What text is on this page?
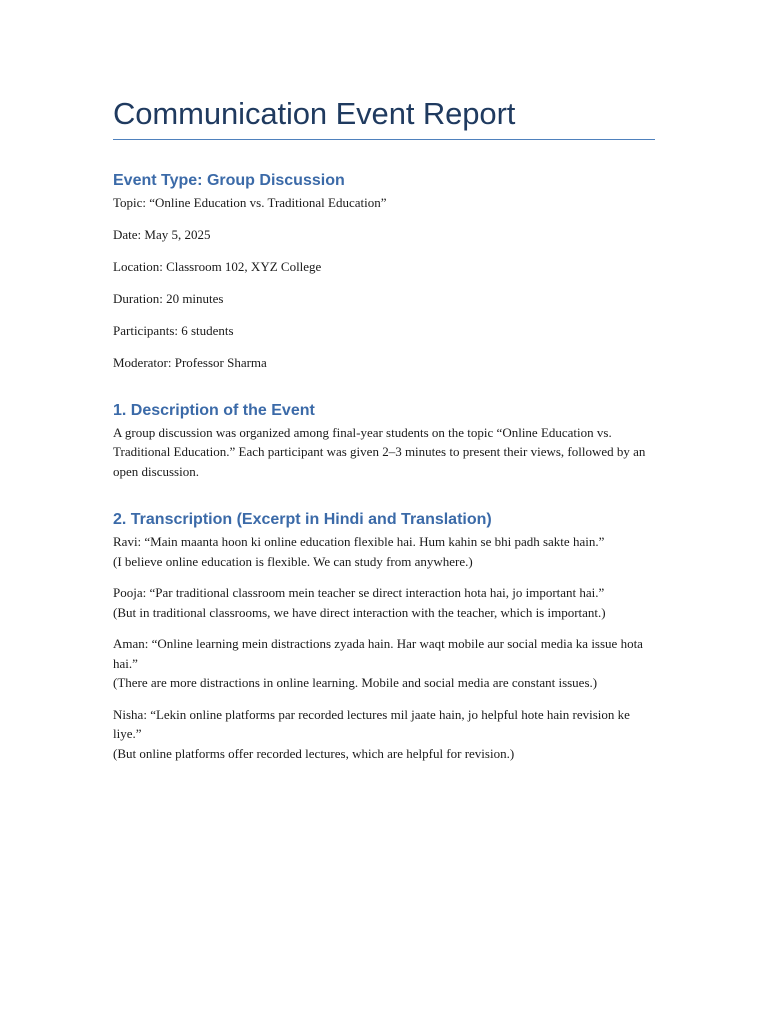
Communication Event Report
Event Type: Group Discussion

Topic: “Online Education vs. Traditional Education”

Date: May 5, 2025

Location: Classroom 102, XYZ College

Duration: 20 minutes

Participants: 6 students

Moderator: Professor Sharma

1. Description of the Event

A group discussion was organized among final-year students on the topic “Online Education vs. Traditional Education.” Each participant was given 2–3 minutes to present their views, followed by an open discussion.

2. Transcription (Excerpt in Hindi and Translation)

Ravi: “Main maanta hoon ki online education flexible hai. Hum kahin se bhi padh sakte hain.”

(I believe online education is flexible. We can study from anywhere.)

Pooja: “Par traditional classroom mein teacher se direct interaction hota hai, jo important hai.”

(But in traditional classrooms, we have direct interaction with the teacher, which is important.)

Aman: “Online learning mein distractions zyada hain. Har waqt mobile aur social media ka issue hota hai.”

(There are more distractions in online learning. Mobile and social media are constant issues.)

Nisha: “Lekin online platforms par recorded lectures mil jaate hain, jo helpful hote hain revision ke liye.”

(But online platforms offer recorded lectures, which are helpful for revision.)
